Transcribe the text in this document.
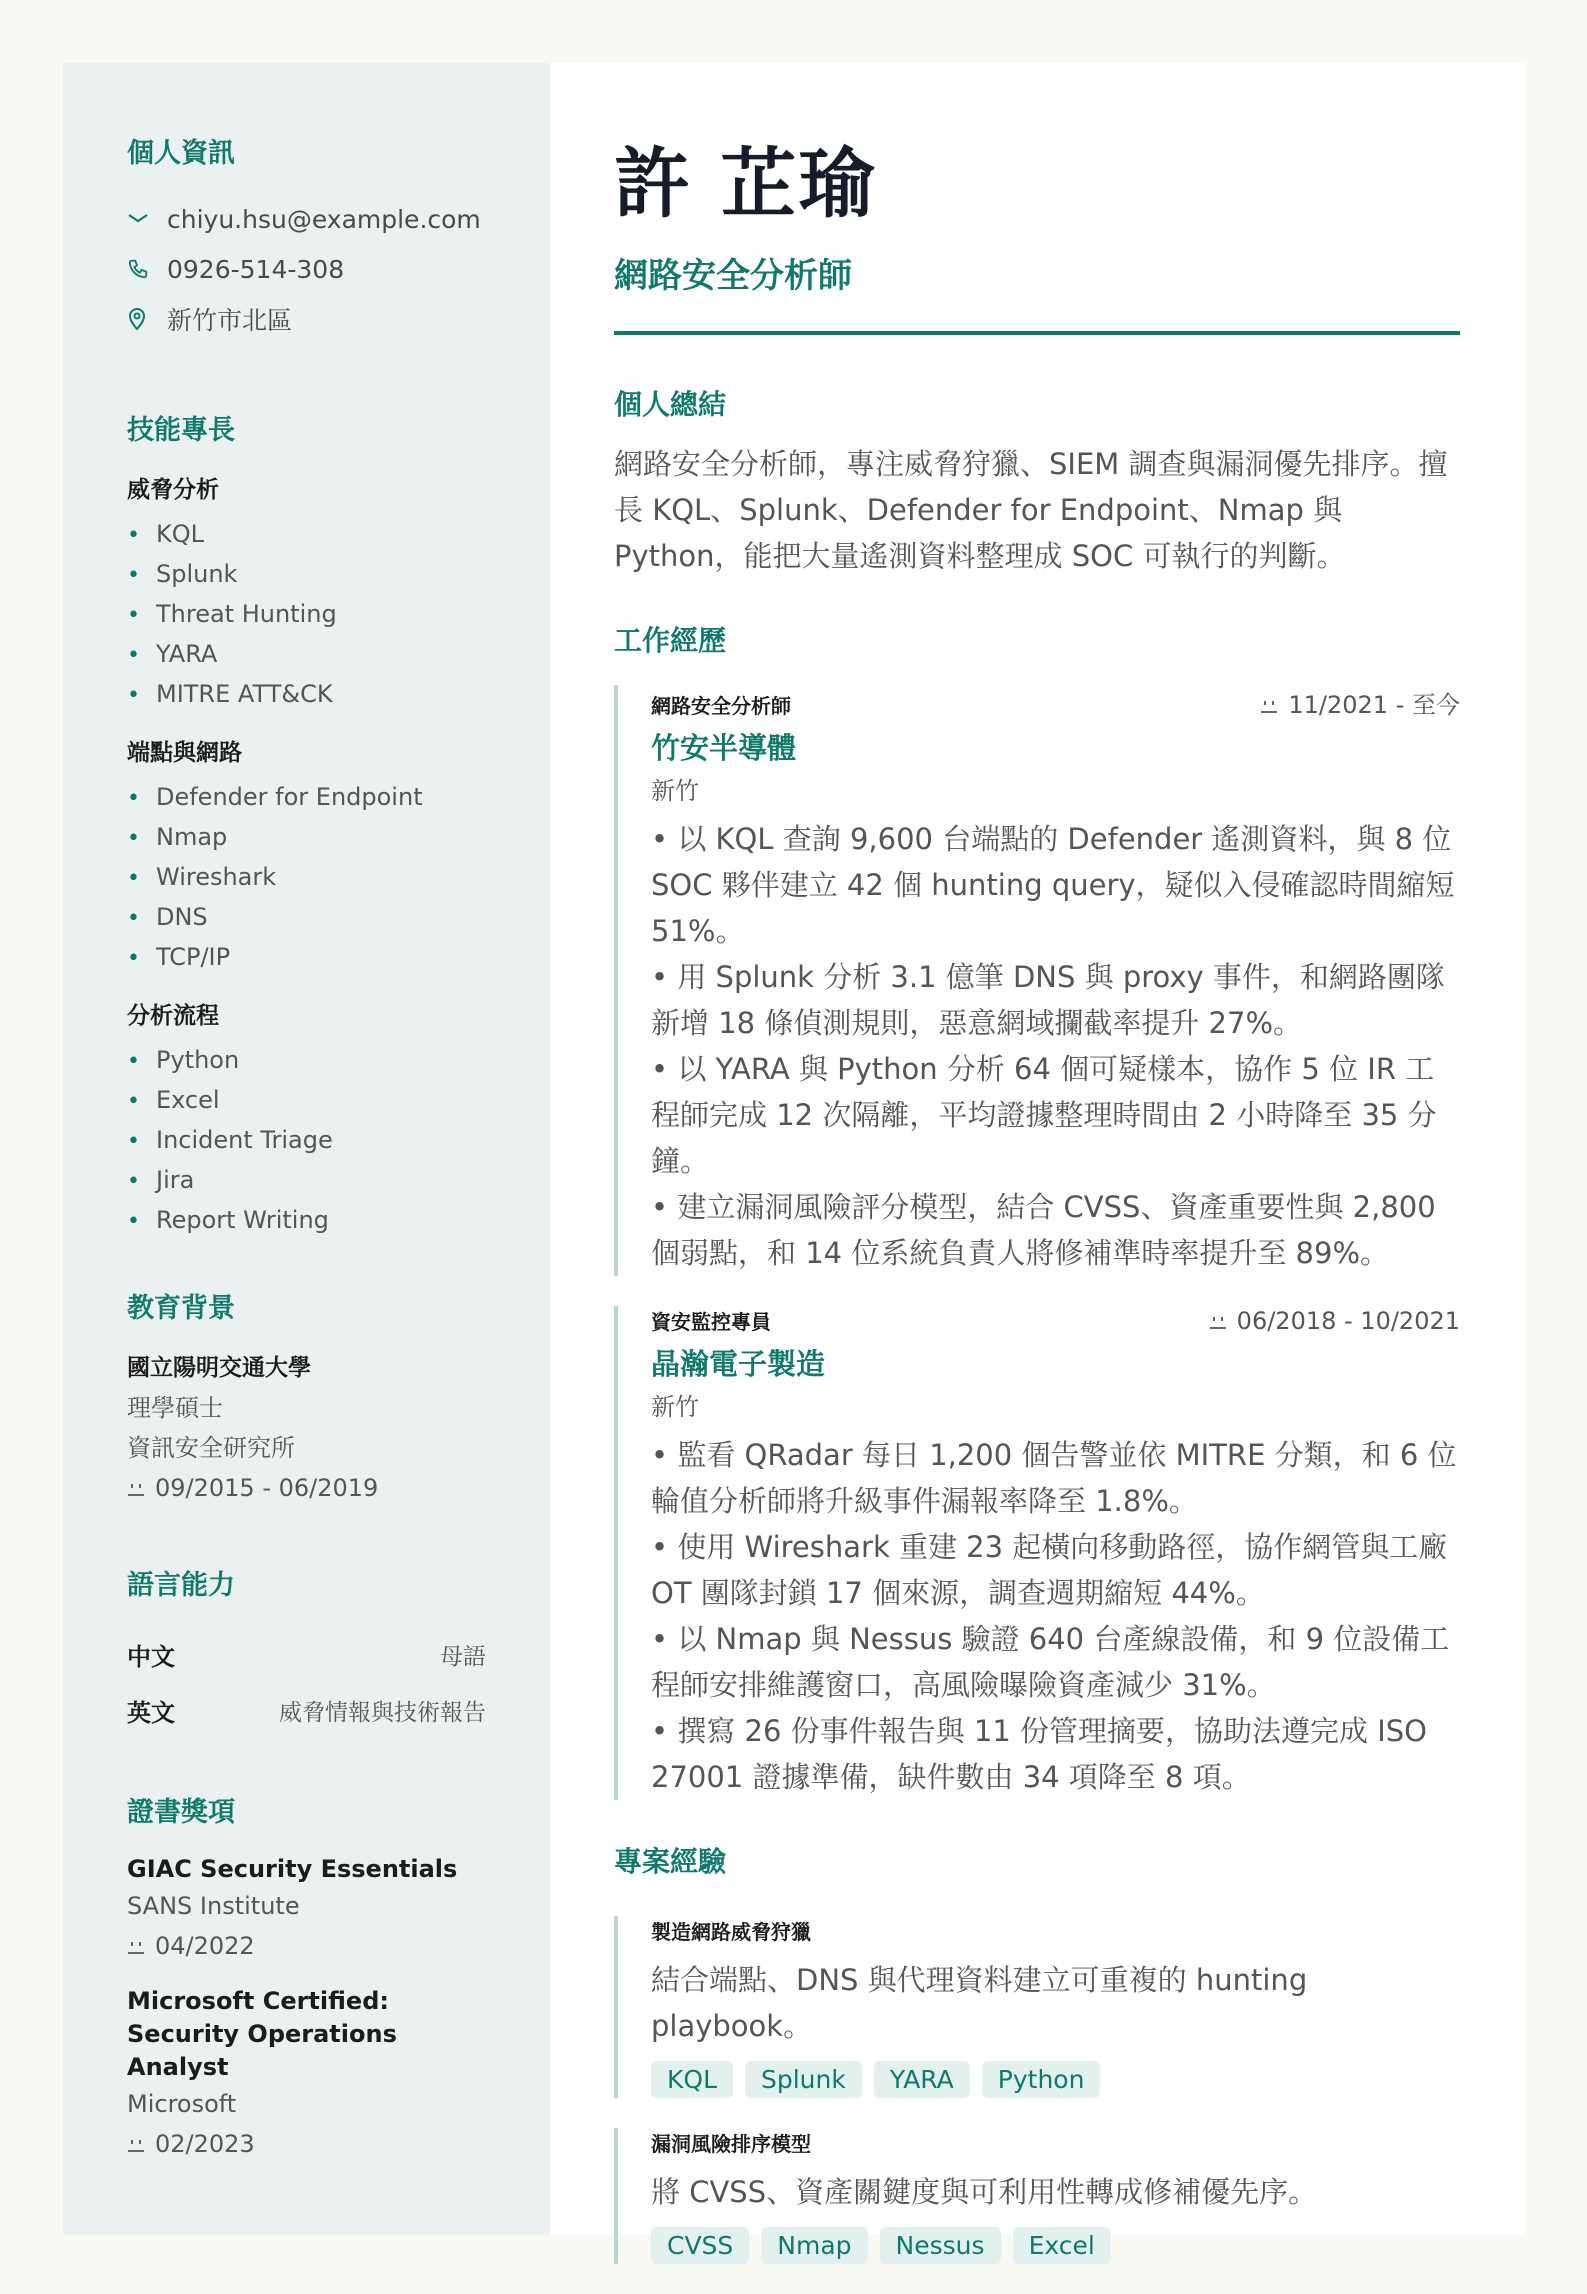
個人資訊
chiyu.hsu@example.com
0926-514-308
新竹市北區
技能專長
威脅分析
• KQL
• Splunk
• Threat Hunting
• YARA
• MITRE ATT&CK
端點與網路
• Defender for Endpoint
• Nmap
• Wireshark
• DNS
• TCP/IP
分析流程
• Python
• Excel
• Incident Triage
• Jira
• Report Writing
教育背景
國立陽明交通大學
理學碩士
資訊安全研究所
09/2015 - 06/2019
語言能力
中文	母語
英文	威脅情報與技術報告
證書獎項
GIAC Security Essentials
SANS Institute
04/2022
Microsoft Certified: Security Operations Analyst
Microsoft
02/2023
許 芷瑜
網路安全分析師
個人總結
網路安全分析師，專注威脅狩獵、SIEM 調查與漏洞優先排序。擅長 KQL、Splunk、Defender for Endpoint、Nmap 與 Python，能把大量遙測資料整理成 SOC 可執行的判斷。
工作經歷
網路安全分析師	11/2021 - 至今
竹安半導體
新竹
• 以 KQL 查詢 9,600 台端點的 Defender 遙測資料，與 8 位 SOC 夥伴建立 42 個 hunting query，疑似入侵確認時間縮短 51%。
• 用 Splunk 分析 3.1 億筆 DNS 與 proxy 事件，和網路團隊新增 18 條偵測規則，惡意網域攔截率提升 27%。
• 以 YARA 與 Python 分析 64 個可疑樣本，協作 5 位 IR 工程師完成 12 次隔離，平均證據整理時間由 2 小時降至 35 分鐘。
• 建立漏洞風險評分模型，結合 CVSS、資產重要性與 2,800 個弱點，和 14 位系統負責人將修補準時率提升至 89%。
資安監控專員	06/2018 - 10/2021
晶瀚電子製造
新竹
• 監看 QRadar 每日 1,200 個告警並依 MITRE 分類，和 6 位輪值分析師將升級事件漏報率降至 1.8%。
• 使用 Wireshark 重建 23 起橫向移動路徑，協作網管與工廠 OT 團隊封鎖 17 個來源，調查週期縮短 44%。
• 以 Nmap 與 Nessus 驗證 640 台產線設備，和 9 位設備工程師安排維護窗口，高風險曝險資產減少 31%。
• 撰寫 26 份事件報告與 11 份管理摘要，協助法遵完成 ISO 27001 證據準備，缺件數由 34 項降至 8 項。
專案經驗
製造網路威脅狩獵
結合端點、DNS 與代理資料建立可重複的 hunting playbook。
KQL	Splunk	YARA	Python
漏洞風險排序模型
將 CVSS、資產關鍵度與可利用性轉成修補優先序。
CVSS	Nmap	Nessus	Excel
